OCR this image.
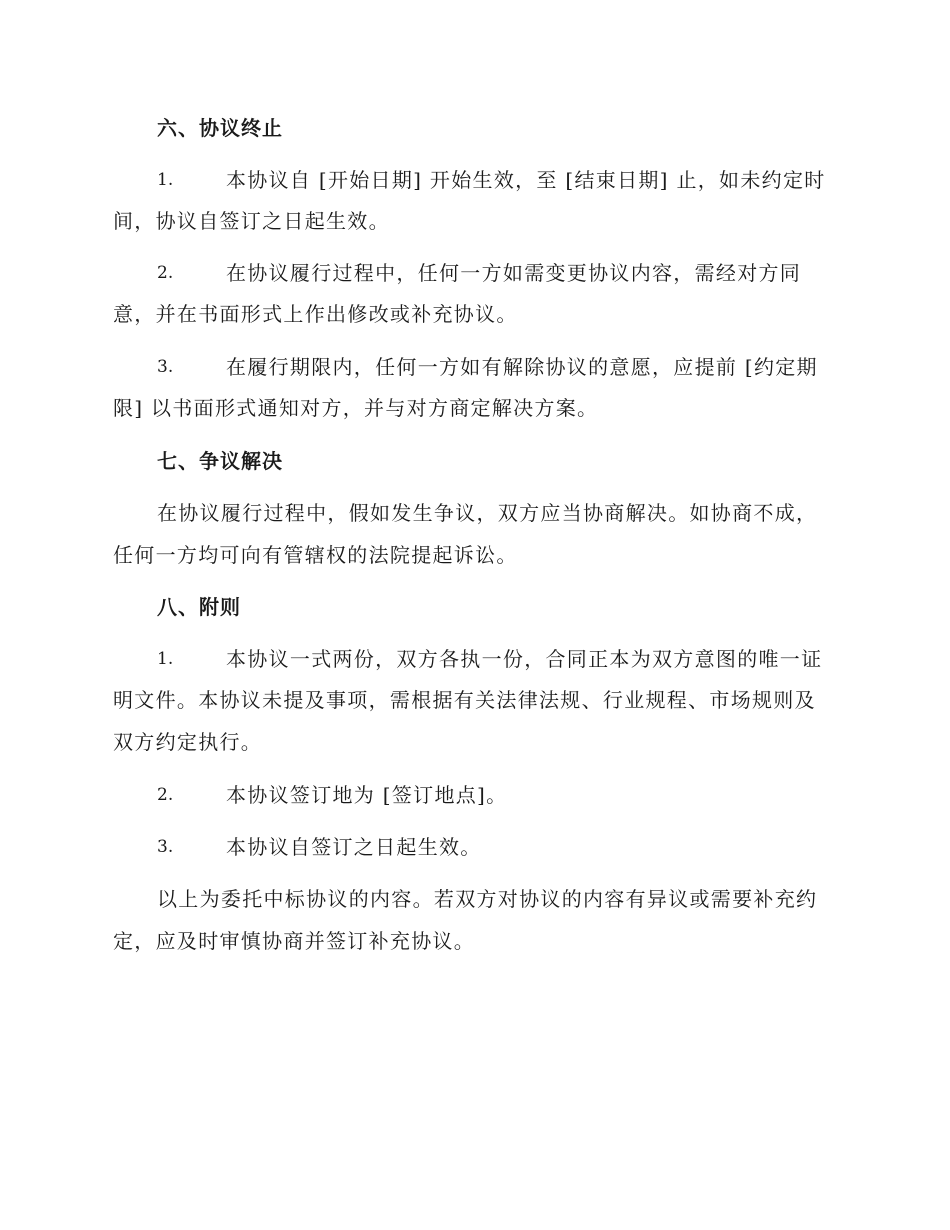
六、协议终止
1.	本协议自 [开始日期] 开始生效，至 [结束日期] 止，如未约定时
间，协议自签订之日起生效。
2.	在协议履行过程中，任何一方如需变更协议内容，需经对方同
意，并在书面形式上作出修改或补充协议。
3.	在履行期限内，任何一方如有解除协议的意愿，应提前 [约定期
限] 以书面形式通知对方，并与对方商定解决方案。
七、争议解决
在协议履行过程中，假如发生争议，双方应当协商解决。如协商不成，
任何一方均可向有管辖权的法院提起诉讼。
八、附则
1.	本协议一式两份，双方各执一份，合同正本为双方意图的唯一证
明文件。本协议未提及事项，需根据有关法律法规、行业规程、市场规则及
双方约定执行。
2.	本协议签订地为 [签订地点]。
3.	本协议自签订之日起生效。
以上为委托中标协议的内容。若双方对协议的内容有异议或需要补充约
定，应及时审慎协商并签订补充协议。
